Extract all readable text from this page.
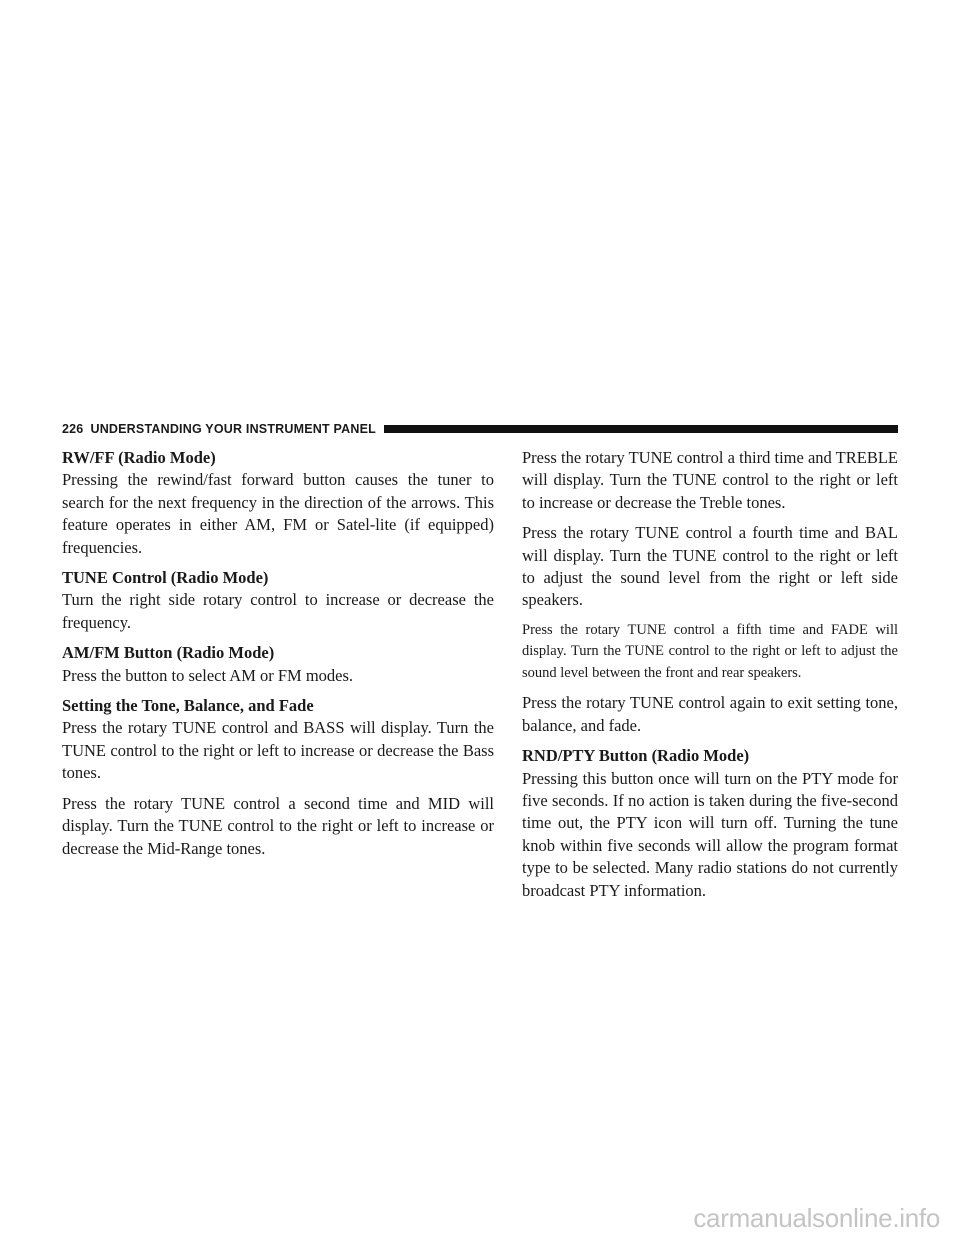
226 UNDERSTANDING YOUR INSTRUMENT PANEL
RW/FF (Radio Mode)

Pressing the rewind/fast forward button causes the tuner to search for the next frequency in the direction of the arrows. This feature operates in either AM, FM or Satel-lite (if equipped) frequencies.

TUNE Control (Radio Mode)

Turn the right side rotary control to increase or decrease the frequency.

AM/FM Button (Radio Mode)

Press the button to select AM or FM modes.

Setting the Tone, Balance, and Fade

Press the rotary TUNE control and BASS will display. Turn the TUNE control to the right or left to increase or decrease the Bass tones.

Press the rotary TUNE control a second time and MID will display. Turn the TUNE control to the right or left to increase or decrease the Mid-Range tones.

Press the rotary TUNE control a third time and TREBLE will display. Turn the TUNE control to the right or left to increase or decrease the Treble tones.

Press the rotary TUNE control a fourth time and BAL will display. Turn the TUNE control to the right or left to adjust the sound level from the right or left side speakers.

Press the rotary TUNE control a fifth time and FADE will display. Turn the TUNE control to the right or left to adjust the sound level between the front and rear speakers.

Press the rotary TUNE control again to exit setting tone, balance, and fade.

RND/PTY Button (Radio Mode)

Pressing this button once will turn on the PTY mode for five seconds. If no action is taken during the five-second time out, the PTY icon will turn off. Turning the tune knob within five seconds will allow the program format type to be selected. Many radio stations do not currently broadcast PTY information.

carmanualsonline.info
